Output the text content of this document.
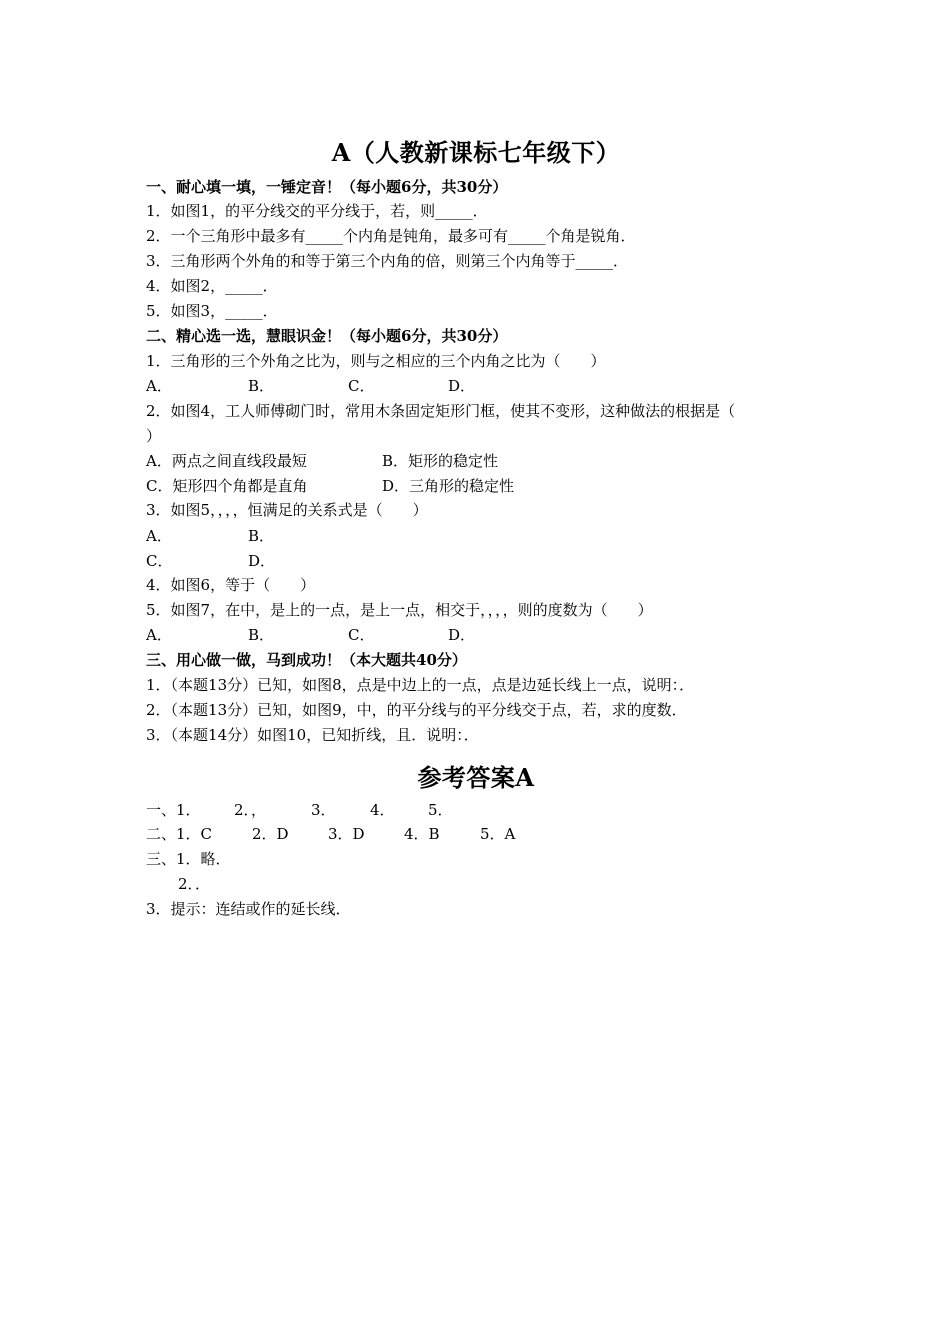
A（人教新课标七年级下）
一、耐心填一填，一锤定音！（每小题6分，共30分）
1．如图1，的平分线交的平分线于，若，则_____．
2．一个三角形中最多有_____个内角是钝角，最多可有_____个角是锐角．
3．三角形两个外角的和等于第三个内角的倍，则第三个内角等于_____．
4．如图2，_____．
5．如图3，_____．
二、精心选一选，慧眼识金！（每小题6分，共30分）
1．三角形的三个外角之比为，则与之相应的三个内角之比为（　　）
A．	B．	C．	D．
2．如图4，工人师傅砌门时，常用木条固定矩形门框，使其不变形，这种做法的根据是（
）
A．两点之间直线段最短	B．矩形的稳定性
C．矩形四个角都是直角	D．三角形的稳定性
3．如图5，，，，恒满足的关系式是（　　）
A．	B．
C．	D．
4．如图6，等于（　　）
5．如图7，在中，是上的一点，是上一点，相交于，，，，则的度数为（　　）
A．	B．	C．	D．
三、用心做一做，马到成功！（本大题共40分）
1．（本题13分）已知，如图8，点是中边上的一点，点是边延长线上一点，说明：．
2．（本题13分）已知，如图9，中，的平分线与的平分线交于点，若，求的度数．
3．（本题14分）如图10，已知折线，且．说明：．
参考答案A
一、1． 2．，	3． 4． 5．
二、1．C	2．D	3．D	4．B	5．A
三、1．略．
2．．
3．提示：连结或作的延长线．
